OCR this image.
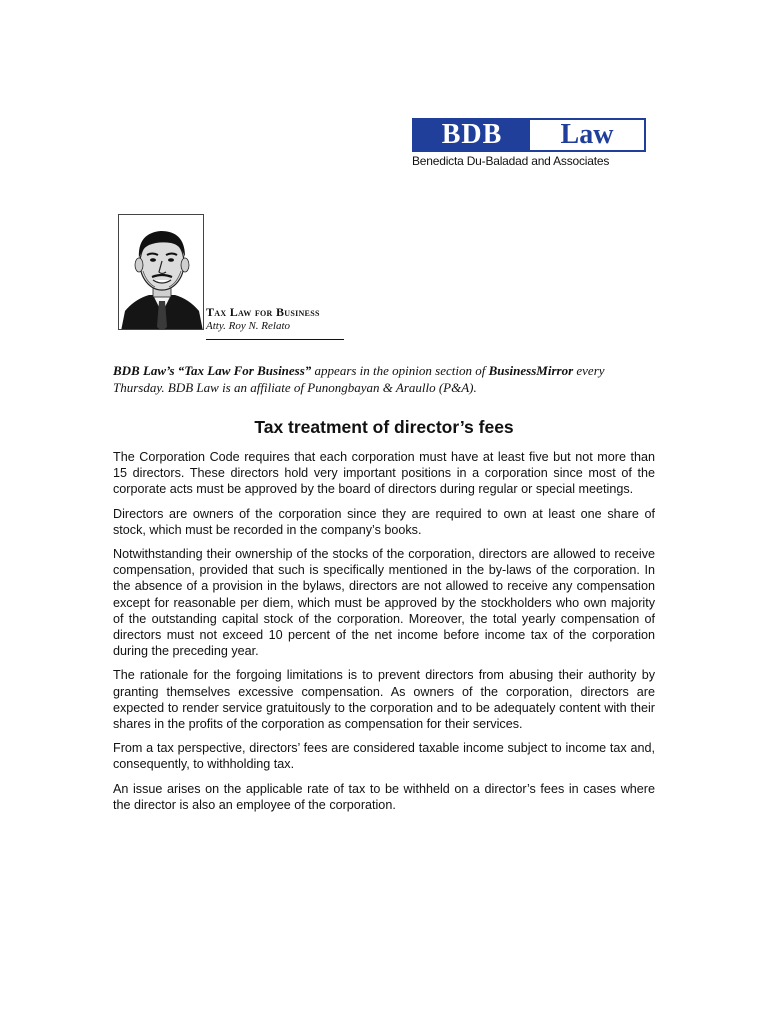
BDB	Law
Benedicta Du-Baladad and Associates
Tax Law for Business
Atty. Roy N. Relato
BDB Law’s “Tax Law For Business” appears in the opinion section of BusinessMirror every Thursday. BDB Law is an affiliate of Punongbayan & Araullo (P&A).
Tax treatment of director’s fees

The Corporation Code requires that each corporation must have at least five but not more than 15 directors. These directors hold very important positions in a corporation since most of the corporate acts must be approved by the board of directors during regular or special meetings.

Directors are owners of the corporation since they are required to own at least one share of stock, which must be recorded in the company’s books.

Notwithstanding their ownership of the stocks of the corporation, directors are allowed to receive compensation, provided that such is specifically mentioned in the by-laws of the corporation. In the absence of a provision in the bylaws, directors are not allowed to receive any compensation except for reasonable per diem, which must be approved by the stockholders who own majority of the outstanding capital stock of the corporation. Moreover, the total yearly compensation of directors must not exceed 10 percent of the net income before income tax of the corporation during the preceding year.

The rationale for the forgoing limitations is to prevent directors from abusing their authority by granting themselves excessive compensation. As owners of the corporation, directors are expected to render service gratuitously to the corporation and to be adequately content with their shares in the profits of the corporation as compensation for their services.

From a tax perspective, directors’ fees are considered taxable income subject to income tax and, consequently, to withholding tax.

An issue arises on the applicable rate of tax to be withheld on a director’s fees in cases where the director is also an employee of the corporation.
